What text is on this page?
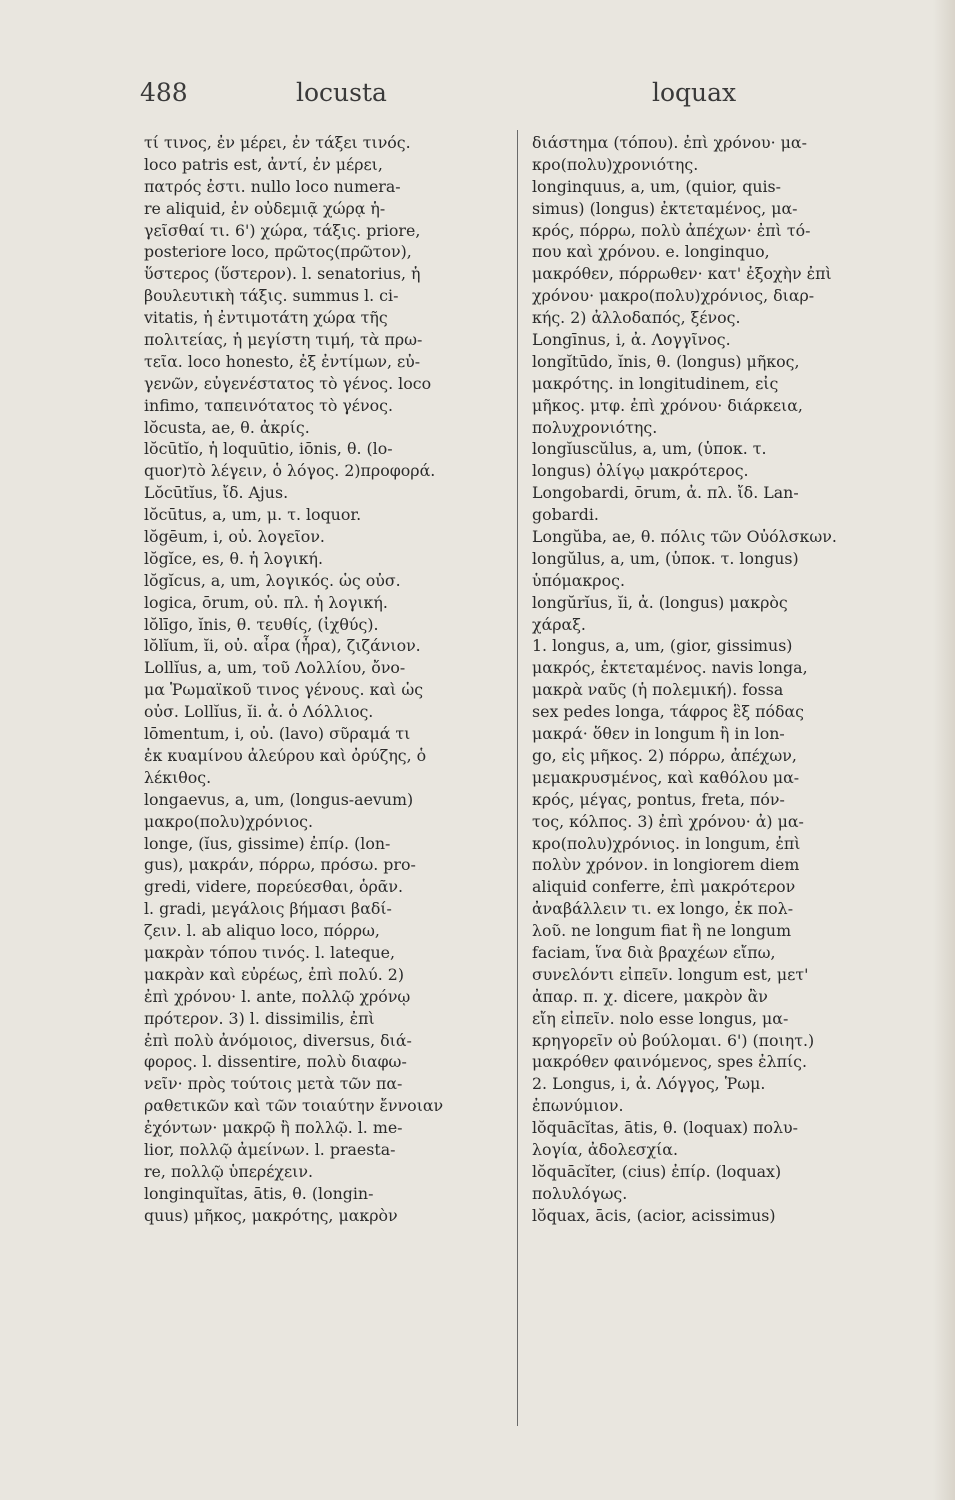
488	locusta	loquax
τί τινος, ἐν μέρει, ἐν τάξει τινός.
loco patris est, ἀντί, ἐν μέρει,
πατρός ἐστι. nullo loco numera-
re aliquid, ἐν οὐδεμιᾷ χώρᾳ ἡ-
γεῖσθαί τι. 6') χώρα, τάξις. priore,
posteriore loco, πρῶτος(πρῶτον),
ὕστερος (ὕστερον). l. senatorius, ἡ
βουλευτικὴ τάξις. summus l. ci-
vitatis, ἡ ἐντιμοτάτη χώρα τῆς
πολιτείας, ἡ μεγίστη τιμή, τὰ πρω-
τεῖα. loco honesto, ἐξ ἐντίμων, εὐ-
γενῶν, εὐγενέστατος τὸ γένος. loco
infimo, ταπεινότατος τὸ γένος.
lŏcusta, ae, θ. ἀκρίς.
lŏcūtĭo, ἡ loquūtio, iōnis, θ. (lo-
quor)τὸ λέγειν, ὁ λόγος. 2)προφορά.
Lŏcūtĭus, ἴδ. Ajus.
lŏcūtus, a, um, μ. τ. loquor.
lŏgēum, i, οὐ. λογεῖον.
lŏgĭce, es, θ. ἡ λογική.
lŏgĭcus, a, um, λογικός. ὡς οὐσ.
logica, ōrum, οὐ. πλ. ἡ λογική.
lŏlīgo, ĭnis, θ. τευθίς, (ἰχθύς).
lŏlĭum, ĭi, οὐ. αἶρα (ἧρα), ζιζάνιον.
Lollĭus, a, um, τοῦ Λολλίου, ὄνο-
μα Ῥωμαϊκοῦ τινος γένους. καὶ ὡς
οὐσ. Lollĭus, ĭi. ἀ. ὁ Λόλλιος.
lōmentum, i, οὐ. (lavo) σῦραμά τι
ἐκ κυαμίνου ἀλεύρου καὶ ὀρύζης, ὁ
λέκιθος.
longaevus, a, um, (longus-aevum)
μακρο(πολυ)χρόνιος.
longe, (ĭus, gissime) ἐπίρ. (lon-
gus), μακράν, πόρρω, πρόσω. pro-
gredi, videre, πορεύεσθαι, ὁρᾶν.
l. gradi, μεγάλοις βήμασι βαδί-
ζειν. l. ab aliquo loco, πόρρω,
μακρὰν τόπου τινός. l. lateque,
μακρὰν καὶ εὐρέως, ἐπὶ πολύ. 2)
ἐπὶ χρόνου· l. ante, πολλῷ χρόνῳ
πρότερον. 3) l. dissimilis, ἐπὶ
ἐπὶ πολὺ ἀνόμοιος, diversus, διά-
φορος. l. dissentire, πολὺ διαφω-
νεῖν· πρὸς τούτοις μετὰ τῶν πα-
ραθετικῶν καὶ τῶν τοιαύτην ἔννοιαν
ἐχόντων· μακρῷ ἢ πολλῷ. l. me-
lior, πολλῷ ἀμείνων. l. praesta-
re, πολλῷ ὑπερέχειν.
longinquĭtas, ātis, θ. (longin-
quus) μῆκος, μακρότης, μακρὸν
διάστημα (τόπου). ἐπὶ χρόνου· μα-
κρο(πολυ)χρονιότης.
longinquus, a, um, (quior, quis-
simus) (longus) ἐκτεταμένος, μα-
κρός, πόρρω, πολὺ ἀπέχων· ἐπὶ τό-
που καὶ χρόνου. e. longinquo,
μακρόθεν, πόρρωθεν· κατ' ἐξοχὴν ἐπὶ
χρόνου· μακρο(πολυ)χρόνιος, διαρ-
κής. 2) ἀλλοδαπός, ξένος.
Longīnus, i, ἀ. Λογγῖνος.
longĭtūdo, ĭnis, θ. (longus) μῆκος,
μακρότης. in longitudinem, εἰς
μῆκος. μτφ. ἐπὶ χρόνου· διάρκεια,
πολυχρονιότης.
longĭuscŭlus, a, um, (ὑποκ. τ.
longus) ὀλίγῳ μακρότερος.
Longobardi, ōrum, ἀ. πλ. ἴδ. Lan-
gobardi.
Longŭba, ae, θ. πόλις τῶν Οὐόλσκων.
longŭlus, a, um, (ὑποκ. τ. longus)
ὑπόμακρος.
longŭrĭus, ĭi, ἀ. (longus) μακρὸς
χάραξ.
1. longus, a, um, (gior, gissimus)
μακρός, ἐκτεταμένος. navis longa,
μακρὰ ναῦς (ἡ πολεμική). fossa
sex pedes longa, τάφρος ἓξ πόδας
μακρά· ὅθεν in longum ἢ in lon-
go, εἰς μῆκος. 2) πόρρω, ἀπέχων,
μεμακρυσμένος, καὶ καθόλου μα-
κρός, μέγας, pontus, freta, πόν-
τος, κόλπος. 3) ἐπὶ χρόνου· ἀ) μα-
κρο(πολυ)χρόνιος. in longum, ἐπὶ
πολὺν χρόνον. in longiorem diem
aliquid conferre, ἐπὶ μακρότερον
ἀναβάλλειν τι. ex longo, ἐκ πολ-
λοῦ. ne longum fiat ἢ ne longum
faciam, ἵνα διὰ βραχέων εἴπω,
συνελόντι εἰπεῖν. longum est, μετ'
ἀπαρ. π. χ. dicere, μακρὸν ἂν
εἴη εἰπεῖν. nolo esse longus, μα-
κρηγορεῖν οὐ βούλομαι. 6') (ποιητ.)
μακρόθεν φαινόμενος, spes ἐλπίς.
2. Longus, i, ἀ. Λόγγος, Ῥωμ.
ἐπωνύμιον.
lŏquācĭtas, ātis, θ. (loquax) πολυ-
λογία, ἀδολεσχία.
lŏquācĭter, (cius) ἐπίρ. (loquax)
πολυλόγως.
lŏquax, ācis, (acior, acissimus)
